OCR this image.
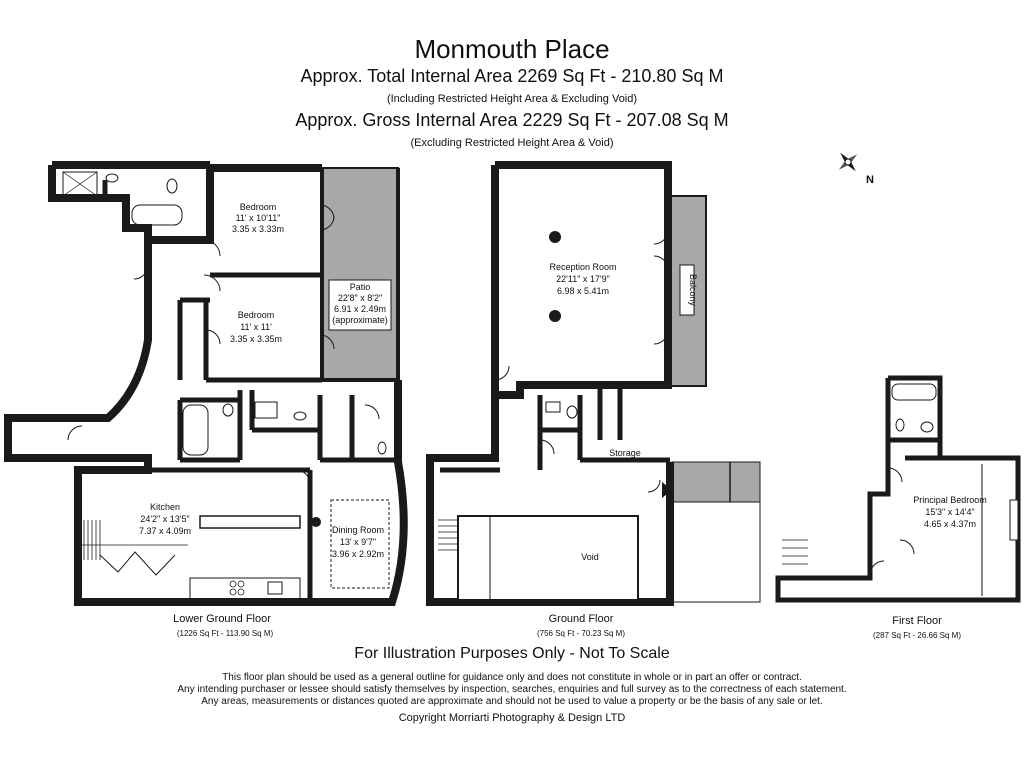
Monmouth Place
Approx. Total Internal Area 2269 Sq Ft - 210.80 Sq M
(Including Restricted Height Area & Excluding Void)
Approx. Gross Internal Area 2229 Sq Ft - 207.08 Sq M
(Excluding Restricted Height Area & Void)
Bedroom
11' x 10'11"
3.35 x 3.33m
Bedroom
11' x 11'
3.35 x 3.35m
Patio
22'8" x 8'2"
6.91 x 2.49m
(approximate)
Kitchen
24'2" x 13'5"
7.37 x 4.09m	Dining Room
13' x 9'7"
3.96 x 2.92m
Reception Room
22'11" x 17'9"
6.98 x 5.41m	Balcony
Storage
Void
Principal Bedroom
15'3" x 14'4"
4.65 x 4.37m
N
Lower Ground Floor
(1226 Sq Ft - 113.90 Sq M)
Ground Floor
(756 Sq Ft - 70.23 Sq M)
First Floor
(287 Sq Ft - 26.66 Sq M)
For Illustration Purposes Only - Not To Scale
This floor plan should be used as a general outline for guidance only and does not constitute in whole or in part an offer or contract.
Any intending purchaser or lessee should satisfy themselves by inspection, searches, enquiries and full survey as to the correctness of each statement.
Any areas, measurements or distances quoted are approximate and should not be used to value a property or be the basis of any sale or let.
Copyright Morriarti Photography & Design LTD
